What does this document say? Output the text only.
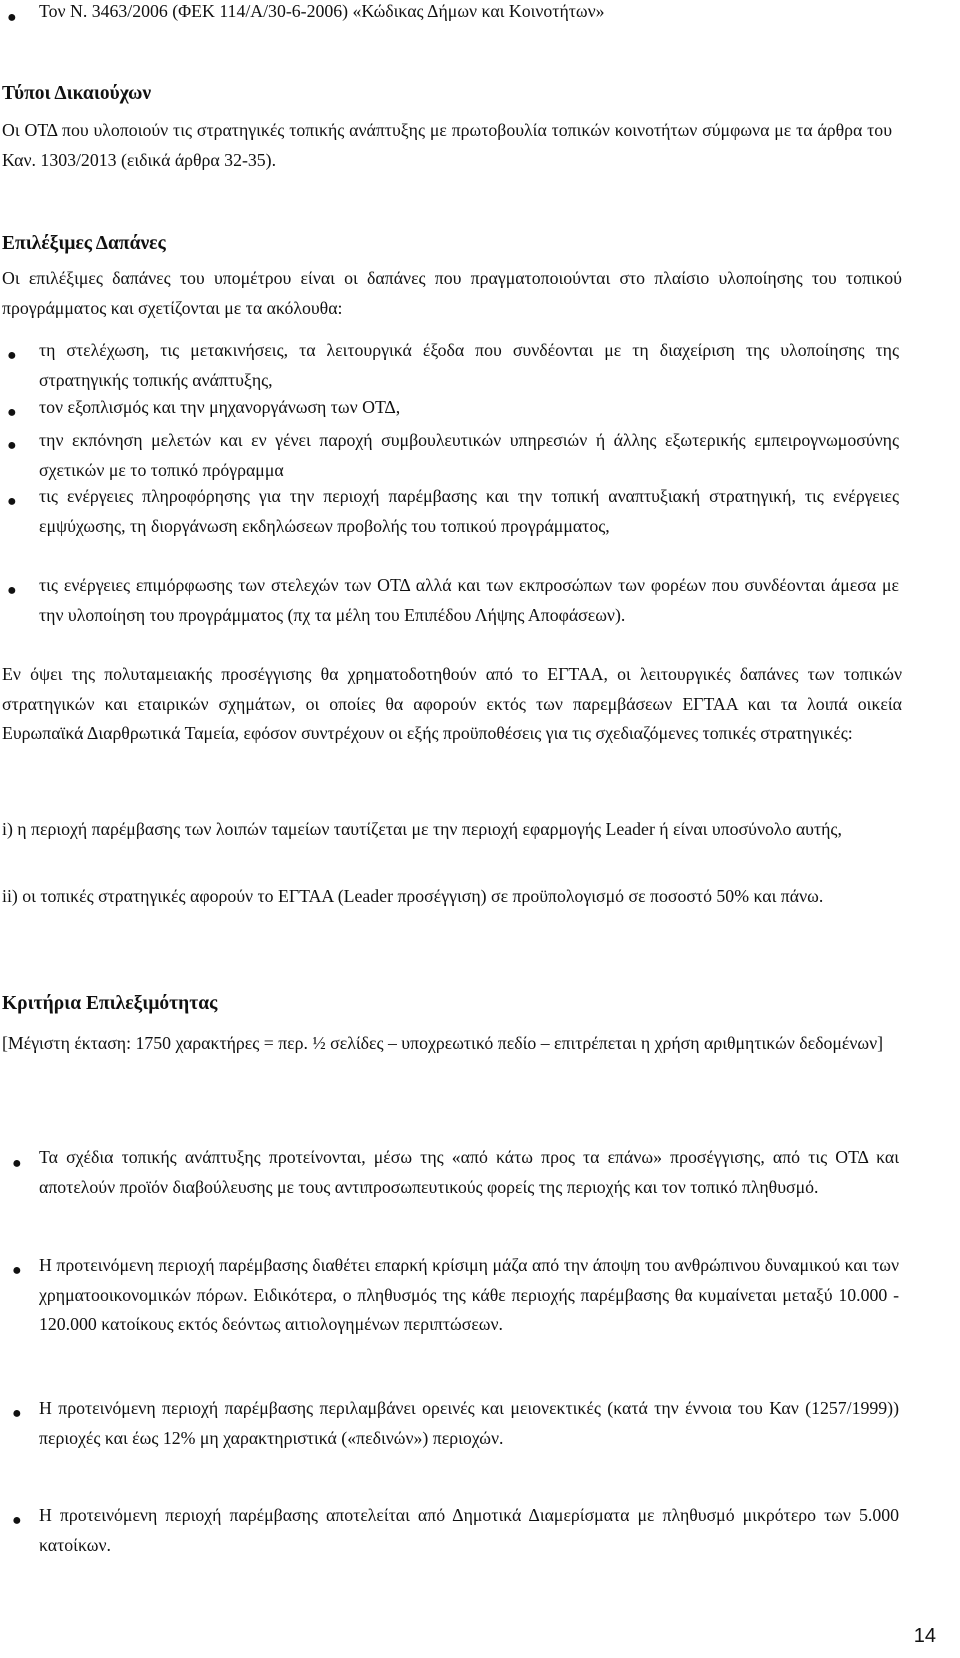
● Τον Ν. 3463/2006 (ΦΕΚ 114/Α/30-6-2006) «Κώδικας Δήμων και Κοινοτήτων»
Τύποι Δικαιούχων
Οι ΟΤΔ που υλοποιούν τις στρατηγικές τοπικής ανάπτυξης με πρωτοβουλία τοπικών κοινοτήτων σύμφωνα με τα άρθρα του Καν. 1303/2013 (ειδικά άρθρα 32-35).
Επιλέξιμες Δαπάνες
Οι επιλέξιμες δαπάνες του υπομέτρου είναι οι δαπάνες που πραγματοποιούνται στο πλαίσιο υλοποίησης του τοπικού προγράμματος και σχετίζονται με τα ακόλουθα:
● τη στελέχωση, τις μετακινήσεις, τα λειτουργικά έξοδα που συνδέονται με τη διαχείριση της υλοποίησης της στρατηγικής τοπικής ανάπτυξης,
● τον εξοπλισμός και την μηχανοργάνωση των ΟΤΔ,
● την εκπόνηση μελετών και εν γένει παροχή συμβουλευτικών υπηρεσιών ή άλλης εξωτερικής εμπειρογνωμοσύνης σχετικών με το τοπικό πρόγραμμα
● τις ενέργειες πληροφόρησης για την περιοχή παρέμβασης και την τοπική αναπτυξιακή στρατηγική, τις ενέργειες εμψύχωσης, τη διοργάνωση εκδηλώσεων προβολής του τοπικού προγράμματος,
● τις ενέργειες επιμόρφωσης των στελεχών των ΟΤΔ αλλά και των εκπροσώπων των φορέων που συνδέονται άμεσα με την υλοποίηση του προγράμματος (πχ τα μέλη του Επιπέδου Λήψης Αποφάσεων).
Εν όψει της πολυταμειακής προσέγγισης θα χρηματοδοτηθούν από το ΕΓΤΑΑ, οι λειτουργικές δαπάνες των τοπικών στρατηγικών και εταιρικών σχημάτων, οι οποίες θα αφορούν εκτός των παρεμβάσεων ΕΓΤΑΑ και τα λοιπά οικεία Ευρωπαϊκά Διαρθρωτικά Ταμεία, εφόσον συντρέχουν οι εξής προϋποθέσεις για τις σχεδιαζόμενες τοπικές στρατηγικές:
i) η περιοχή παρέμβασης των λοιπών ταμείων ταυτίζεται με την περιοχή εφαρμογής Leader ή είναι υποσύνολο αυτής,
ii) οι τοπικές στρατηγικές αφορούν το ΕΓΤΑΑ (Leader προσέγγιση) σε προϋπολογισμό σε ποσοστό 50% και πάνω.
Κριτήρια Επιλεξιμότητας
[Μέγιστη έκταση: 1750 χαρακτήρες = περ. ½ σελίδες – υποχρεωτικό πεδίο – επιτρέπεται η χρήση αριθμητικών δεδομένων]
● Τα σχέδια τοπικής ανάπτυξης προτείνονται, μέσω της «από κάτω προς τα επάνω» προσέγγισης, από τις ΟΤΔ και αποτελούν προϊόν διαβούλευσης με τους αντιπροσωπευτικούς φορείς της περιοχής και τον τοπικό πληθυσμό.
● Η προτεινόμενη περιοχή παρέμβασης διαθέτει επαρκή κρίσιμη μάζα από την άποψη του ανθρώπινου δυναμικού και των χρηματοοικονομικών πόρων. Ειδικότερα, ο πληθυσμός της κάθε περιοχής παρέμβασης θα κυμαίνεται μεταξύ 10.000 - 120.000 κατοίκους εκτός δεόντως αιτιολογημένων περιπτώσεων.
● Η προτεινόμενη περιοχή παρέμβασης περιλαμβάνει ορεινές και μειονεκτικές (κατά την έννοια του Καν (1257/1999)) περιοχές και έως 12% μη χαρακτηριστικά («πεδινών») περιοχών.
● Η προτεινόμενη περιοχή παρέμβασης αποτελείται από Δημοτικά Διαμερίσματα με πληθυσμό μικρότερο των 5.000 κατοίκων.
14
